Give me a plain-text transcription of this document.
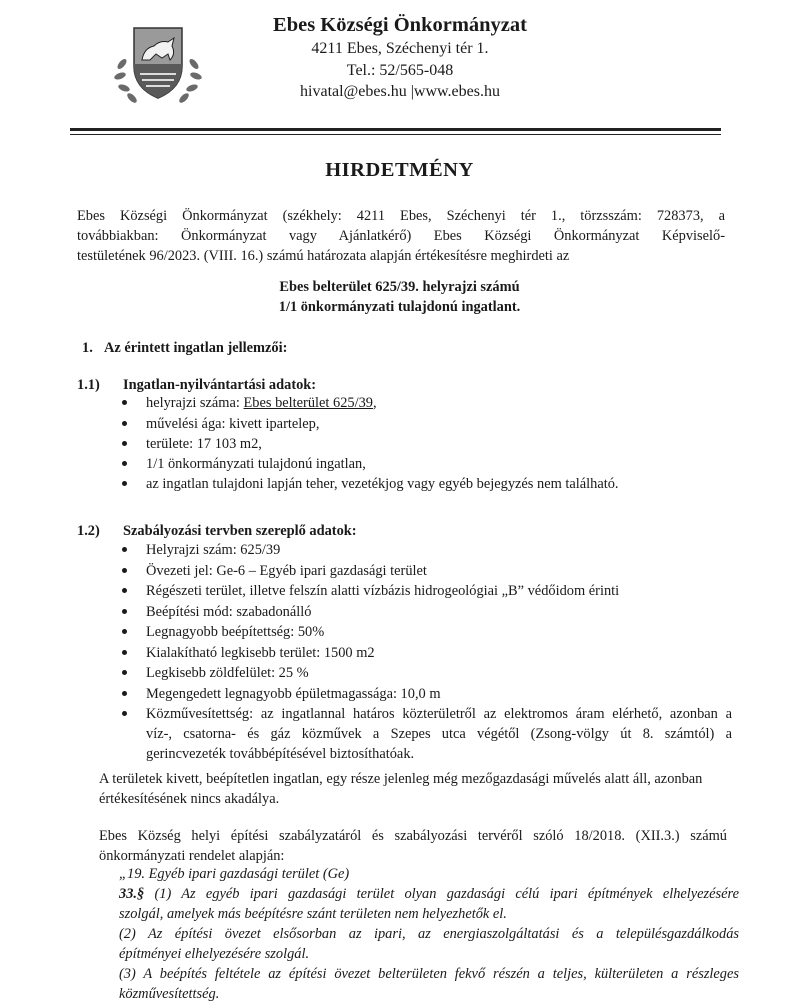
Ebes Községi Önkormányzat
4211 Ebes, Széchenyi tér 1.
Tel.: 52/565-048
hivatal@ebes.hu |www.ebes.hu
HIRDETMÉNY
Ebes Községi Önkormányzat (székhely: 4211 Ebes, Széchenyi tér 1., törzsszám: 728373, a
továbbiakban: Önkormányzat vagy Ajánlatkérő) Ebes Községi Önkormányzat Képviselő-
testületének 96/2023. (VIII. 16.) számú határozata alapján értékesítésre meghirdeti az
Ebes belterület 625/39. helyrajzi számú
1/1 önkormányzati tulajdonú ingatlant.
1. Az érintett ingatlan jellemzői:
1.1) Ingatlan-nyilvántartási adatok:
helyrajzi száma: Ebes belterület 625/39,
művelési ága: kivett ipartelep,
területe: 17 103 m2,
1/1 önkormányzati tulajdonú ingatlan,
az ingatlan tulajdoni lapján teher, vezetékjog vagy egyéb bejegyzés nem található.
1.2) Szabályozási tervben szereplő adatok:
Helyrajzi szám: 625/39
Övezeti jel: Ge-6 – Egyéb ipari gazdasági terület
Régészeti terület, illetve felszín alatti vízbázis hidrogeológiai „B” védőidom érinti
Beépítési mód: szabadonálló
Legnagyobb beépítettség: 50%
Kialakítható legkisebb terület: 1500 m2
Legkisebb zöldfelület: 25 %
Megengedett legnagyobb épületmagassága: 10,0 m
Közművesítettség: az ingatlannal határos közterületről az elektromos áram elérhető, azonban a
víz-, csatorna- és gáz közművek a Szepes utca végétől (Zsong-völgy út 8. számtól) a
gerincvezeték továbbépítésével biztosíthatóak.
A területek kivett, beépítetlen ingatlan, egy része jelenleg még mezőgazdasági művelés alatt áll, azonban
értékesítésének nincs akadálya.
Ebes Község helyi építési szabályzatáról és szabályozási tervéről szóló 18/2018. (XII.3.) számú
önkormányzati rendelet alapján:
„19. Egyéb ipari gazdasági terület (Ge)
33.§ (1) Az egyéb ipari gazdasági terület olyan gazdasági célú ipari építmények elhelyezésére
szolgál, amelyek más beépítésre szánt területen nem helyezhetők el.
(2) Az építési övezet elsősorban az ipari, az energiaszolgáltatási és a településgazdálkodás
építményei elhelyezésére szolgál.
(3) A beépítés feltétele az építési övezet belterületen fekvő részén a teljes, külterületen a részleges
közművesítettség.
